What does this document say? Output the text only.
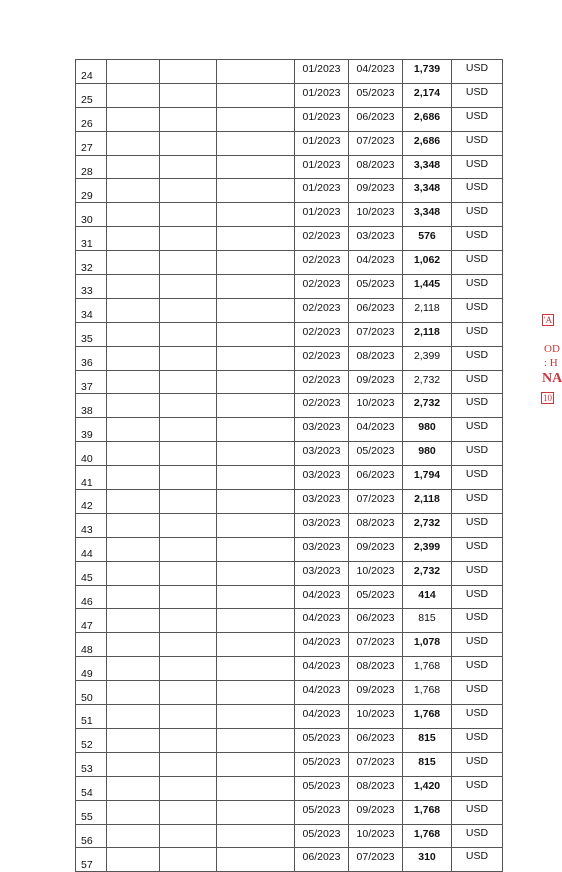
24				01/2023	04/2023	1,739	USD
25				01/2023	05/2023	2,174	USD
26				01/2023	06/2023	2,686	USD
27				01/2023	07/2023	2,686	USD
28				01/2023	08/2023	3,348	USD
29				01/2023	09/2023	3,348	USD
30				01/2023	10/2023	3,348	USD
31				02/2023	03/2023	576	USD
32				02/2023	04/2023	1,062	USD
33				02/2023	05/2023	1,445	USD
34				02/2023	06/2023	2,118	USD
35				02/2023	07/2023	2,118	USD
36				02/2023	08/2023	2,399	USD
37				02/2023	09/2023	2,732	USD
38				02/2023	10/2023	2,732	USD
39				03/2023	04/2023	980	USD
40				03/2023	05/2023	980	USD
41				03/2023	06/2023	1,794	USD
42				03/2023	07/2023	2,118	USD
43				03/2023	08/2023	2,732	USD
44				03/2023	09/2023	2,399	USD
45				03/2023	10/2023	2,732	USD
46				04/2023	05/2023	414	USD
47				04/2023	06/2023	815	USD
48				04/2023	07/2023	1,078	USD
49				04/2023	08/2023	1,768	USD
50				04/2023	09/2023	1,768	USD
51				04/2023	10/2023	1,768	USD
52				05/2023	06/2023	815	USD
53				05/2023	07/2023	815	USD
54				05/2023	08/2023	1,420	USD
55				05/2023	09/2023	1,768	USD
56				05/2023	10/2023	1,768	USD
57				06/2023	07/2023	310	USD
'A
OD
: H
NA
10
